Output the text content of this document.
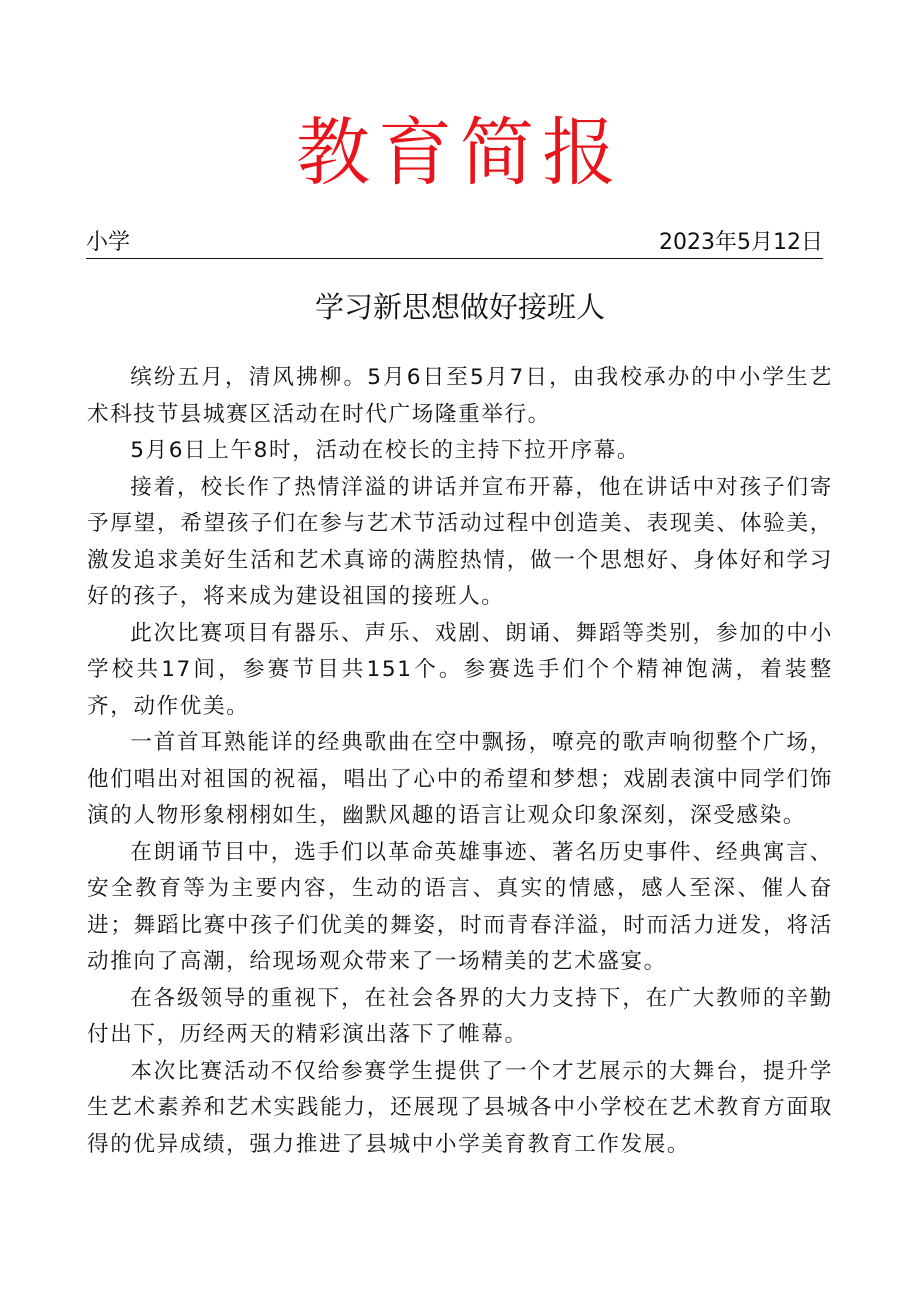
教育简报
小学	2023年5月12日
学习新思想做好接班人

缤纷五月，清风拂柳。5月6日至5月7日，由我校承办的中小学生艺术科技节县城赛区活动在时代广场隆重举行。

5月6日上午8时，活动在校长的主持下拉开序幕。

接着，校长作了热情洋溢的讲话并宣布开幕，他在讲话中对孩子们寄予厚望，希望孩子们在参与艺术节活动过程中创造美、表现美、体验美，激发追求美好生活和艺术真谛的满腔热情，做一个思想好、身体好和学习好的孩子，将来成为建设祖国的接班人。

此次比赛项目有器乐、声乐、戏剧、朗诵、舞蹈等类别，参加的中小学校共17间，参赛节目共151个。参赛选手们个个精神饱满，着装整齐，动作优美。

一首首耳熟能详的经典歌曲在空中飘扬，嘹亮的歌声响彻整个广场，他们唱出对祖国的祝福，唱出了心中的希望和梦想；戏剧表演中同学们饰演的人物形象栩栩如生，幽默风趣的语言让观众印象深刻，深受感染。

在朗诵节目中，选手们以革命英雄事迹、著名历史事件、经典寓言、安全教育等为主要内容，生动的语言、真实的情感，感人至深、催人奋进；舞蹈比赛中孩子们优美的舞姿，时而青春洋溢，时而活力迸发，将活动推向了高潮，给现场观众带来了一场精美的艺术盛宴。

在各级领导的重视下，在社会各界的大力支持下，在广大教师的辛勤付出下，历经两天的精彩演出落下了帷幕。

本次比赛活动不仅给参赛学生提供了一个才艺展示的大舞台，提升学生艺术素养和艺术实践能力，还展现了县城各中小学校在艺术教育方面取得的优异成绩，强力推进了县城中小学美育教育工作发展。
